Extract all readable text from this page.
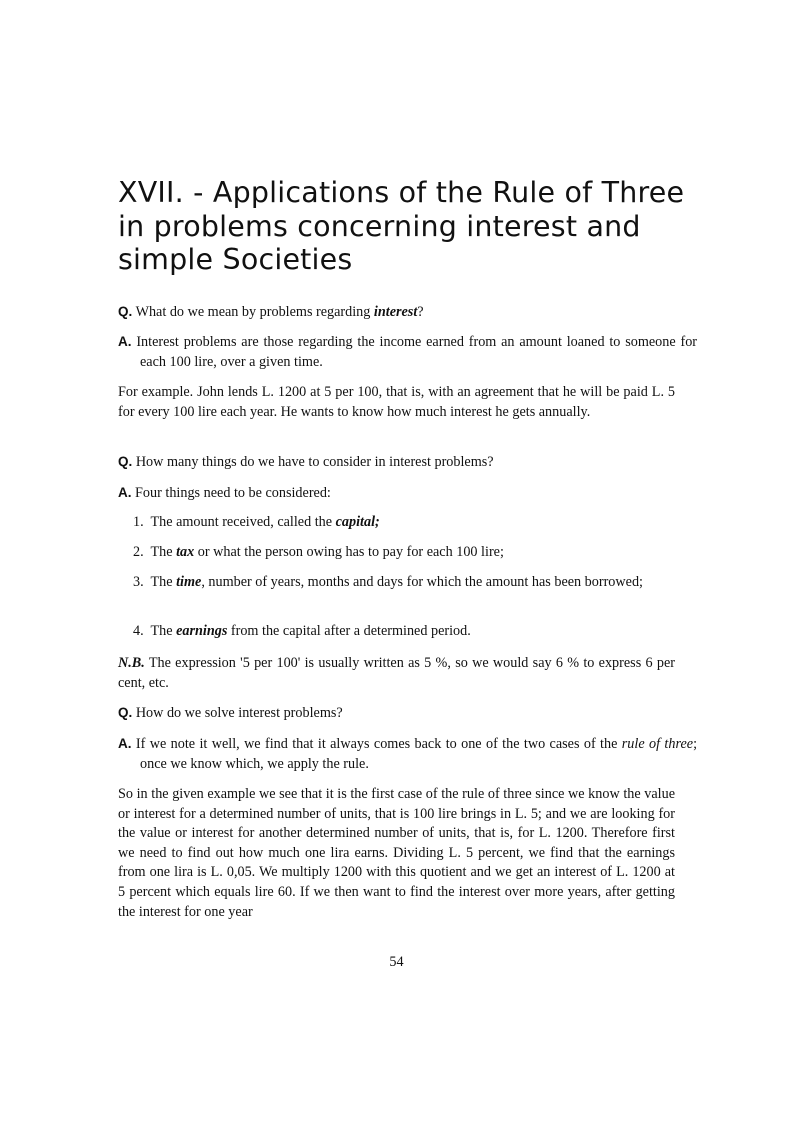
XVII. - Applications of the Rule of Three in problems concerning interest and simple Societies
Q. What do we mean by problems regarding interest?
A. Interest problems are those regarding the income earned from an amount loaned to someone for each 100 lire, over a given time.
For example. John lends L. 1200 at 5 per 100, that is, with an agreement that he will be paid L. 5 for every 100 lire each year. He wants to know how much interest he gets annually.
Q. How many things do we have to consider in interest problems?
A. Four things need to be considered:
1. The amount received, called the capital;
2. The tax or what the person owing has to pay for each 100 lire;
3. The time, number of years, months and days for which the amount has been borrowed;
4. The earnings from the capital after a determined period.
N.B. The expression '5 per 100' is usually written as 5 %, so we would say 6 % to express 6 per cent, etc.
Q. How do we solve interest problems?
A. If we note it well, we find that it always comes back to one of the two cases of the rule of three; once we know which, we apply the rule.
So in the given example we see that it is the first case of the rule of three since we know the value or interest for a determined number of units, that is 100 lire brings in L. 5; and we are looking for the value or interest for another determined number of units, that is, for L. 1200. Therefore first we need to find out how much one lira earns. Dividing L. 5 percent, we find that the earnings from one lira is L. 0,05. We multiply 1200 with this quotient and we get an interest of L. 1200 at 5 percent which equals lire 60. If we then want to find the interest over more years, after getting the interest for one year
54
